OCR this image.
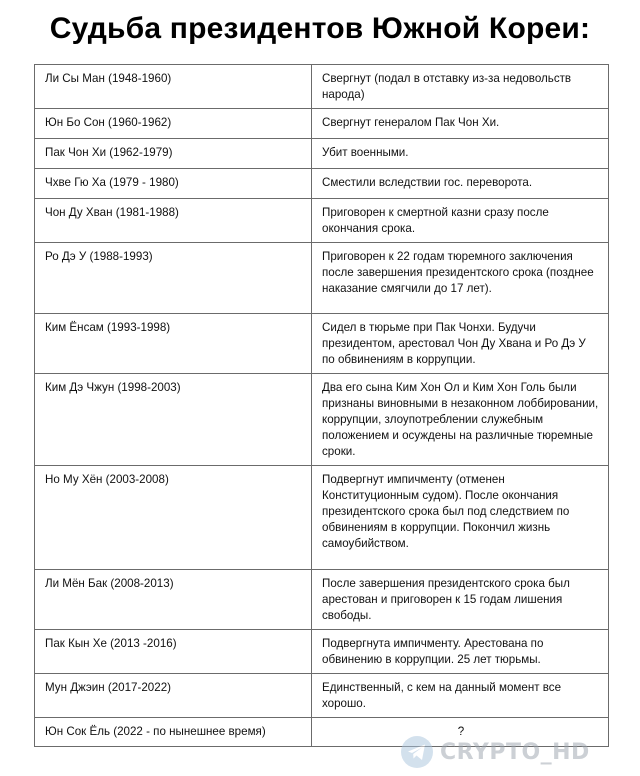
Судьба президентов Южной Кореи:
Ли Сы Ман (1948-1960)	Свергнут (подал в отставку из-за недовольств народа)
Юн Бо Сон (1960-1962)	Свергнут генералом Пак Чон Хи.
Пак Чон Хи (1962-1979)	Убит военными.
Чхве Гю Ха (1979 - 1980)	Сместили вследствии гос. переворота.
Чон Ду Хван (1981-1988)	Приговорен к смертной казни сразу после окончания срока.
Ро Дэ У (1988-1993)	Приговорен к 22 годам тюремного заключения после завершения президентского срока (позднее наказание смягчили до 17 лет).
Ким Ёнсам (1993-1998)	Сидел в тюрьме при Пак Чонхи. Будучи президентом, арестовал Чон Ду Хвана и Ро Дэ У по обвинениям в коррупции.
Ким Дэ Чжун (1998-2003)	Два его сына Ким Хон Ол и Ким Хон Голь были признаны виновными в незаконном лоббировании, коррупции, злоупотреблении служебным положением и осуждены на различные тюремные сроки.
Но Му Хён (2003-2008)	Подвергнут импичменту (отменен Конституционным судом). После окончания президентского срока был под следствием по обвинениям в коррупции. Покончил жизнь самоубийством.
Ли Мён Бак (2008-2013)	После завершения президентского срока был арестован и приговорен к 15 годам лишения свободы.
Пак Кын Хе (2013 -2016)	Подвергнута импичменту. Арестована по обвинению в коррупции. 25 лет тюрьмы.
Мун Джэин (2017-2022)	Единственный, с кем на данный момент все хорошо.
Юн Сок Ёль (2022 - по нынешнее время)	?
CRYPTO_HD
